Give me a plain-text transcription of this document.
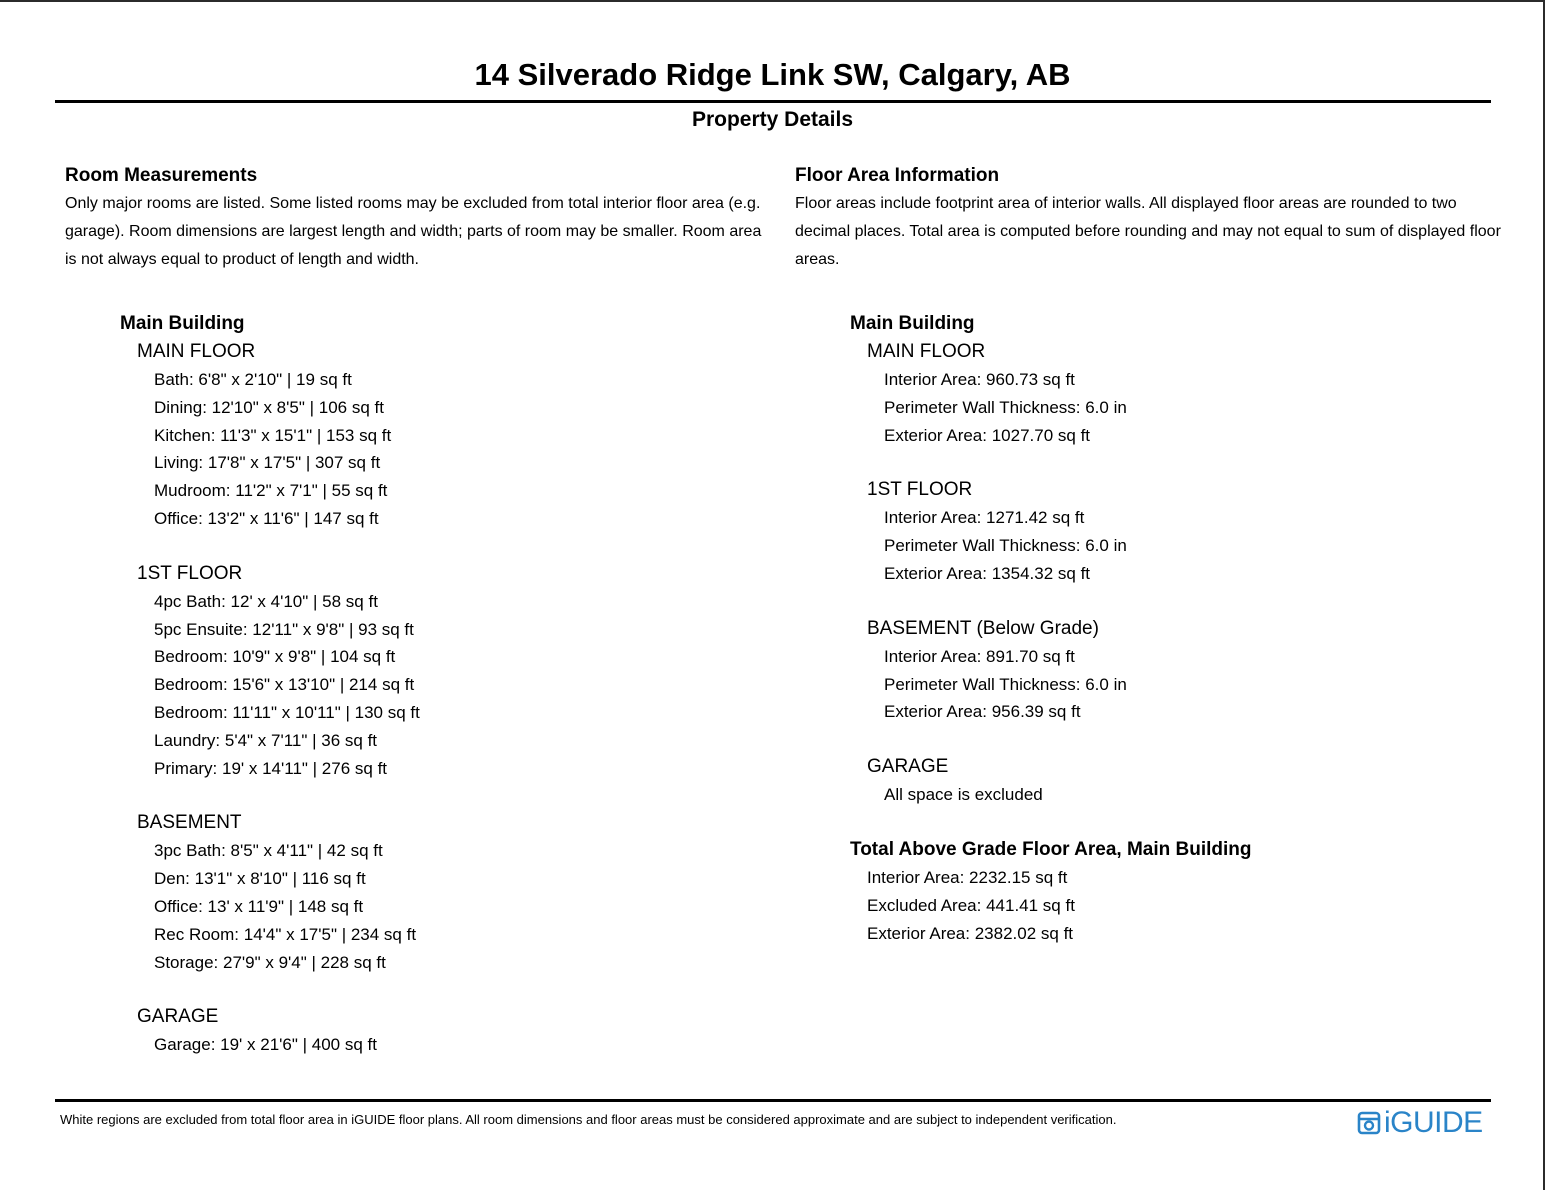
14 Silverado Ridge Link SW, Calgary, AB
Property Details
Room Measurements
Only major rooms are listed. Some listed rooms may be excluded from total interior floor area (e.g. garage). Room dimensions are largest length and width; parts of room may be smaller. Room area is not always equal to product of length and width.
Main Building
MAIN FLOOR
Bath: 6'8" x 2'10" | 19 sq ft
Dining: 12'10" x 8'5" | 106 sq ft
Kitchen: 11'3" x 15'1" | 153 sq ft
Living: 17'8" x 17'5" | 307 sq ft
Mudroom: 11'2" x 7'1" | 55 sq ft
Office: 13'2" x 11'6" | 147 sq ft
1ST FLOOR
4pc Bath: 12' x 4'10" | 58 sq ft
5pc Ensuite: 12'11" x 9'8" | 93 sq ft
Bedroom: 10'9" x 9'8" | 104 sq ft
Bedroom: 15'6" x 13'10" | 214 sq ft
Bedroom: 11'11" x 10'11" | 130 sq ft
Laundry: 5'4" x 7'11" | 36 sq ft
Primary: 19' x 14'11" | 276 sq ft
BASEMENT
3pc Bath: 8'5" x 4'11" | 42 sq ft
Den: 13'1" x 8'10" | 116 sq ft
Office: 13' x 11'9" | 148 sq ft
Rec Room: 14'4" x 17'5" | 234 sq ft
Storage: 27'9" x 9'4" | 228 sq ft
GARAGE
Garage: 19' x 21'6" | 400 sq ft
Floor Area Information
Floor areas include footprint area of interior walls. All displayed floor areas are rounded to two decimal places. Total area is computed before rounding and may not equal to sum of displayed floor areas.
Main Building
MAIN FLOOR
Interior Area: 960.73 sq ft
Perimeter Wall Thickness: 6.0 in
Exterior Area: 1027.70 sq ft
1ST FLOOR
Interior Area: 1271.42 sq ft
Perimeter Wall Thickness: 6.0 in
Exterior Area: 1354.32 sq ft
BASEMENT (Below Grade)
Interior Area: 891.70 sq ft
Perimeter Wall Thickness: 6.0 in
Exterior Area: 956.39 sq ft
GARAGE
All space is excluded
Total Above Grade Floor Area, Main Building
Interior Area: 2232.15 sq ft
Excluded Area: 441.41 sq ft
Exterior Area: 2382.02 sq ft
White regions are excluded from total floor area in iGUIDE floor plans. All room dimensions and floor areas must be considered approximate and are subject to independent verification.	iGUIDE
